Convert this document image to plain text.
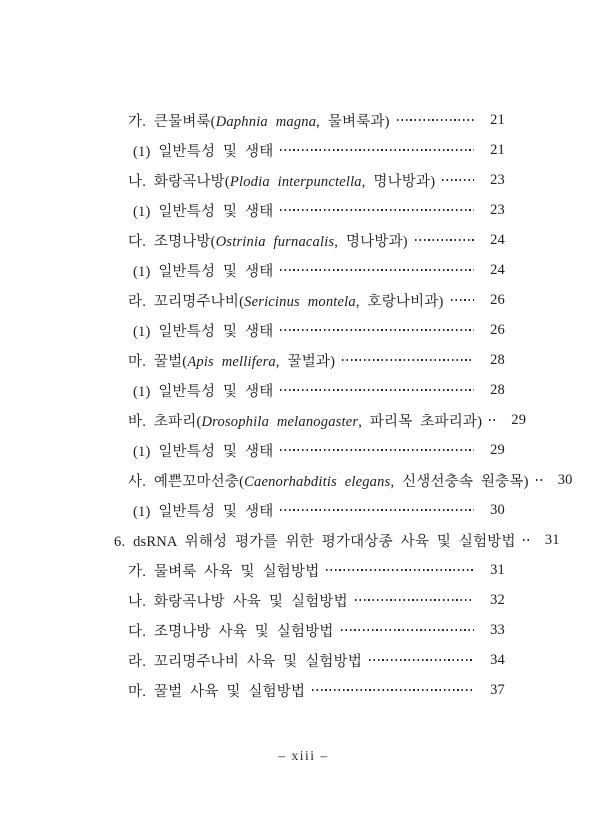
가. 큰물벼룩(Daphnia magna, 물벼룩과)	21
(1) 일반특성 및 생태	21
나. 화랑곡나방(Plodia interpunctella, 명나방과)	23
(1) 일반특성 및 생태	23
다. 조명나방(Ostrinia furnacalis, 명나방과)	24
(1) 일반특성 및 생태	24
라. 꼬리명주나비(Sericinus montela, 호랑나비과)	26
(1) 일반특성 및 생태	26
마. 꿀벌(Apis mellifera, 꿀벌과)	28
(1) 일반특성 및 생태	28
바. 초파리(Drosophila melanogaster, 파리목 초파리과)	29
(1) 일반특성 및 생태	29
사. 예쁜꼬마선충(Caenorhabditis elegans, 신생선충속 원충목)	30
(1) 일반특성 및 생태	30
6. dsRNA 위해성 평가를 위한 평가대상종 사육 및 실험방법	31
가. 물벼룩 사육 및 실험방법	31
나. 화랑곡나방 사육 및 실험방법	32
다. 조명나방 사육 및 실험방법	33
라. 꼬리명주나비 사육 및 실험방법	34
마. 꿀벌 사육 및 실험방법	37
– xiii –
